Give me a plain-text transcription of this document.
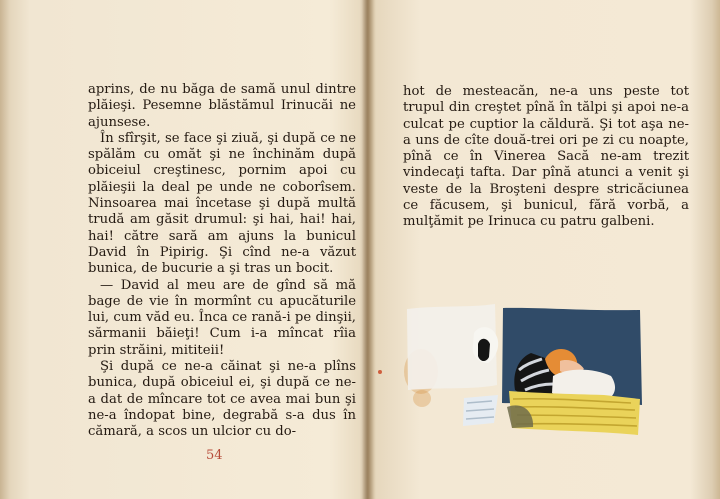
aprins, de nu băga de samă unul dintre plăieşi. Pesemne blăstămul Irinucăi ne ajunsese.

În sfîrşit, se face şi ziuă, şi după ce ne spălăm cu omăt şi ne închinăm după obiceiul creştinesc, pornim apoi cu plăieşii la deal pe unde ne coborîsem. Ninsoarea mai încetase şi după multă trudă am găsit drumul: şi hai, hai! hai, hai! către sară am ajuns la bunicul David în Pipirig. Şi cînd ne-a văzut bunica, de bucurie a şi tras un bocit.

— David al meu are de gînd să mă bage de vie în mormînt cu apucăturile lui, cum văd eu. Înca ce rană-i pe dinşii, sărmanii băieţi! Cum i-a mîncat rîia prin străini, mititeii!

Şi după ce ne-a căinat şi ne-a plîns bunica, după obiceiul ei, şi după ce ne-a dat de mîncare tot ce avea mai bun şi ne-a îndopat bine, degrabă s-a dus în cămară, a scos un ulcior cu do-

54

hot de mesteacăn, ne-a uns peste tot trupul din creştet pînă în tălpi şi apoi ne-a culcat pe cuptior la căldură. Şi tot aşa ne-a uns de cîte două-trei ori pe zi cu noapte, pînă ce în Vinerea Sacă ne-am trezit vindecaţi tafta. Dar pînă atunci a venit şi veste de la Broşteni despre stricăciunea ce făcusem, şi bunicul, fără vorbă, a mulţămit pe Irinuca cu patru galbeni.
